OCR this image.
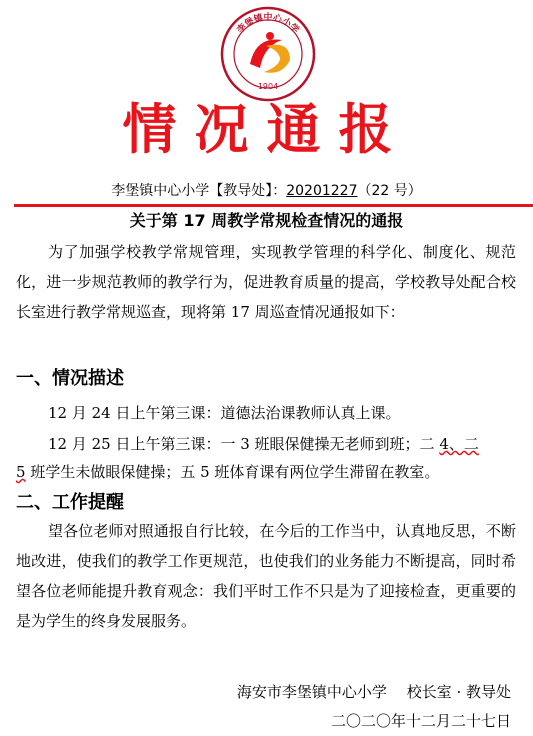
李堡镇中心小学
1904
情况通报
李堡镇中心小学【教导处】：20201227（22 号）
关于第 17 周教学常规检查情况的通报

为了加强学校教学常规管理，实现教学管理的科学化、制度化、规范化，进一步规范教师的教学行为，促进教育质量的提高，学校教导处配合校长室进行教学常规巡查，现将第 17 周巡查情况通报如下：

一、情况描述
12 月 24 日上午第三课：道德法治课教师认真上课。
12 月 25 日上午第三课：一 3 班眼保健操无老师到班；二 4、二
5 班学生未做眼保健操；五 5 班体育课有两位学生滞留在教室。
二、工作提醒

望各位老师对照通报自行比较，在今后的工作当中，认真地反思，不断地改进，使我们的教学工作更规范，也使我们的业务能力不断提高，同时希望各位老师能提升教育观念：我们平时工作不只是为了迎接检查，更重要的是为学生的终身发展服务。

海安市李堡镇中心小学　 校长室 · 教导处
二〇二〇年十二月二十七日
